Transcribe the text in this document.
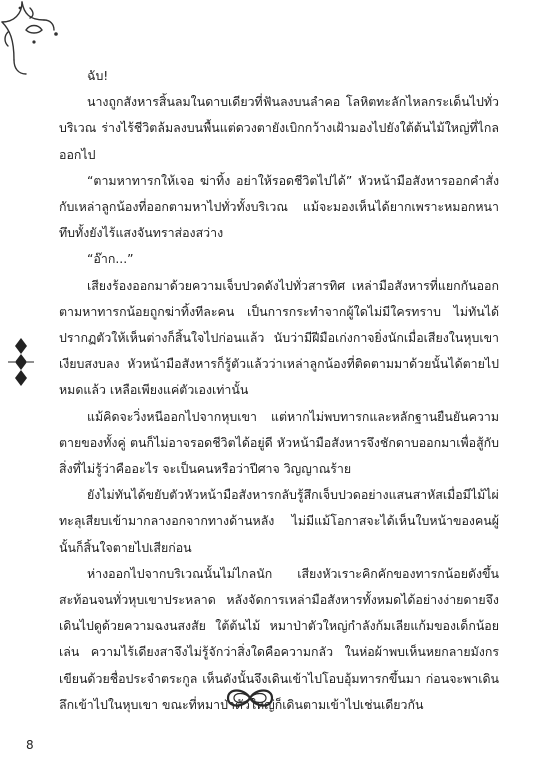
ฉับ!

นางถูกสังหารสิ้นลมในดาบเดียวที่ฟันลงบนลำคอ โลหิตทะลักไหลกระเด็นไปทั่วบริเวณ ร่างไร้ชีวิตล้มลงบนพื้นแต่ดวงตายังเบิกกว้างเฝ้ามองไปยังใต้ต้นไม้ใหญ่ที่ไกลออกไป

“ตามหาทารกให้เจอ ฆ่าทิ้ง อย่าให้รอดชีวิตไปได้” หัวหน้ามือสังหารออกคำสั่งกับเหล่าลูกน้องที่ออกตามหาไปทั่วทั้งบริเวณ แม้จะมองเห็นได้ยากเพราะหมอกหนาทึบทั้งยังไร้แสงจันทราส่องสว่าง

“อ๊าก...”

เสียงร้องออกมาด้วยความเจ็บปวดดังไปทั่วสารทิศ เหล่ามือสังหารที่แยกกันออกตามหาทารกน้อยถูกฆ่าทิ้งทีละคน เป็นการกระทำจากผู้ใดไม่มีใครทราบ ไม่ทันได้ปรากฏตัวให้เห็นต่างก็สิ้นใจไปก่อนแล้ว นับว่ามีฝีมือเก่งกาจยิ่งนักเมื่อเสียงในหุบเขาเงียบสงบลง หัวหน้ามือสังหารก็รู้ตัวแล้วว่าเหล่าลูกน้องที่ติดตามมาด้วยนั้นได้ตายไปหมดแล้ว เหลือเพียงแค่ตัวเองเท่านั้น

แม้คิดจะวิ่งหนีออกไปจากหุบเขา แต่หากไม่พบทารกและหลักฐานยืนยันความตายของทั้งคู่ ตนก็ไม่อาจรอดชีวิตได้อยู่ดี หัวหน้ามือสังหารจึงชักดาบออกมาเพื่อสู้กับสิ่งที่ไม่รู้ว่าคืออะไร จะเป็นคนหรือว่าปีศาจ วิญญาณร้าย

ยังไม่ทันได้ขยับตัวหัวหน้ามือสังหารกลับรู้สึกเจ็บปวดอย่างแสนสาหัสเมื่อมีไม้ไผ่ทะลุเสียบเข้ามากลางอกจากทางด้านหลัง ไม่มีแม้โอกาสจะได้เห็นใบหน้าของคนผู้นั้นก็สิ้นใจตายไปเสียก่อน

ห่างออกไปจากบริเวณนั้นไม่ไกลนัก เสียงหัวเราะคิกคักของทารกน้อยดังขึ้นสะท้อนจนทั่วหุบเขาประหลาด หลังจัดการเหล่ามือสังหารทั้งหมดได้อย่างง่ายดายจึงเดินไปดูด้วยความฉงนสงสัย ใต้ต้นไม้ หมาป่าตัวใหญ่กำลังก้มเลียแก้มของเด็กน้อยเล่น ความไร้เดียงสาจึงไม่รู้จักว่าสิ่งใดคือความกลัว ในห่อผ้าพบเห็นหยกลายมังกรเขียนด้วยชื่อประจำตระกูล เห็นดังนั้นจึงเดินเข้าไปโอบอุ้มทารกขึ้นมา ก่อนจะพาเดินลึกเข้าไปในหุบเขา ขณะที่หมาป่าตัวใหญ่ก็เดินตามเข้าไปเช่นเดียวกัน

8
